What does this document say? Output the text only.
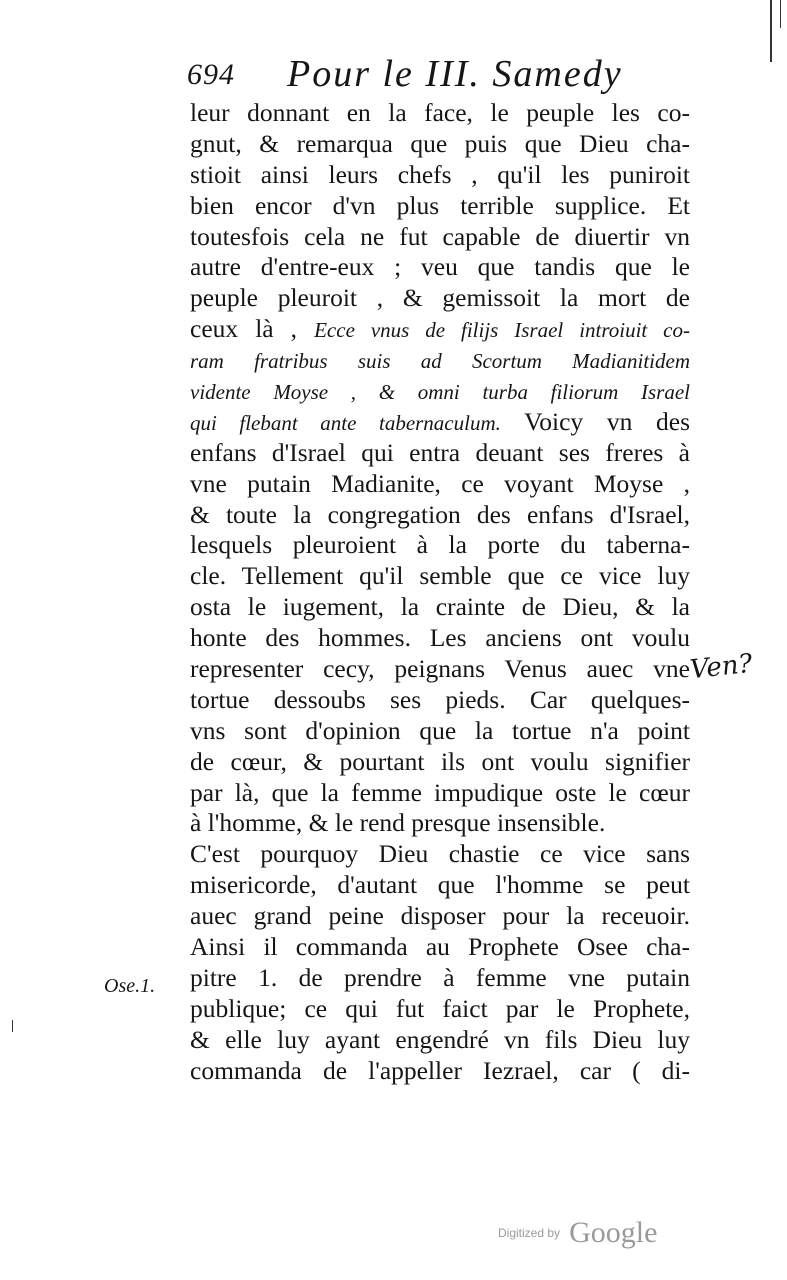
694 Pour le III. Samedy
leur donnant en la face, le peuple les co-
gnut, & remarqua que puis que Dieu cha-
stioit ainsi leurs chefs , qu'il les puniroit
bien encor d'vn plus terrible supplice. Et
toutesfois cela ne fut capable de diuertir vn
autre d'entre-eux ; veu que tandis que le
peuple pleuroit , & gemissoit la mort de
ceux là , Ecce vnus de filijs Israel introiuit co-
ram fratribus suis ad Scortum Madianitidem
vidente Moyse , & omni turba filiorum Israel
qui flebant ante tabernaculum. Voicy vn des
enfans d'Israel qui entra deuant ses freres à
vne putain Madianite, ce voyant Moyse ,
& toute la congregation des enfans d'Israel,
lesquels pleuroient à la porte du taberna-
cle. Tellement qu'il semble que ce vice luy
osta le iugement, la crainte de Dieu, & la
honte des hommes. Les anciens ont voulu
representer cecy, peignans Venus auec vne
tortue dessoubs ses pieds. Car quelques-
vns sont d'opinion que la tortue n'a point
de cœur, & pourtant ils ont voulu signifier
par là, que la femme impudique oste le cœur
à l'homme, & le rend presque insensible.
C'est pourquoy Dieu chastie ce vice sans
misericorde, d'autant que l'homme se peut
auec grand peine disposer pour la receuoir.
Ainsi il commanda au Prophete Osee cha-
pitre 1. de prendre à femme vne putain
publique; ce qui fut faict par le Prophete,
& elle luy ayant engendré vn fils Dieu luy
commanda de l'appeller Iezrael, car ( di-
Ose.1.
Ven?
Digitized by Google
